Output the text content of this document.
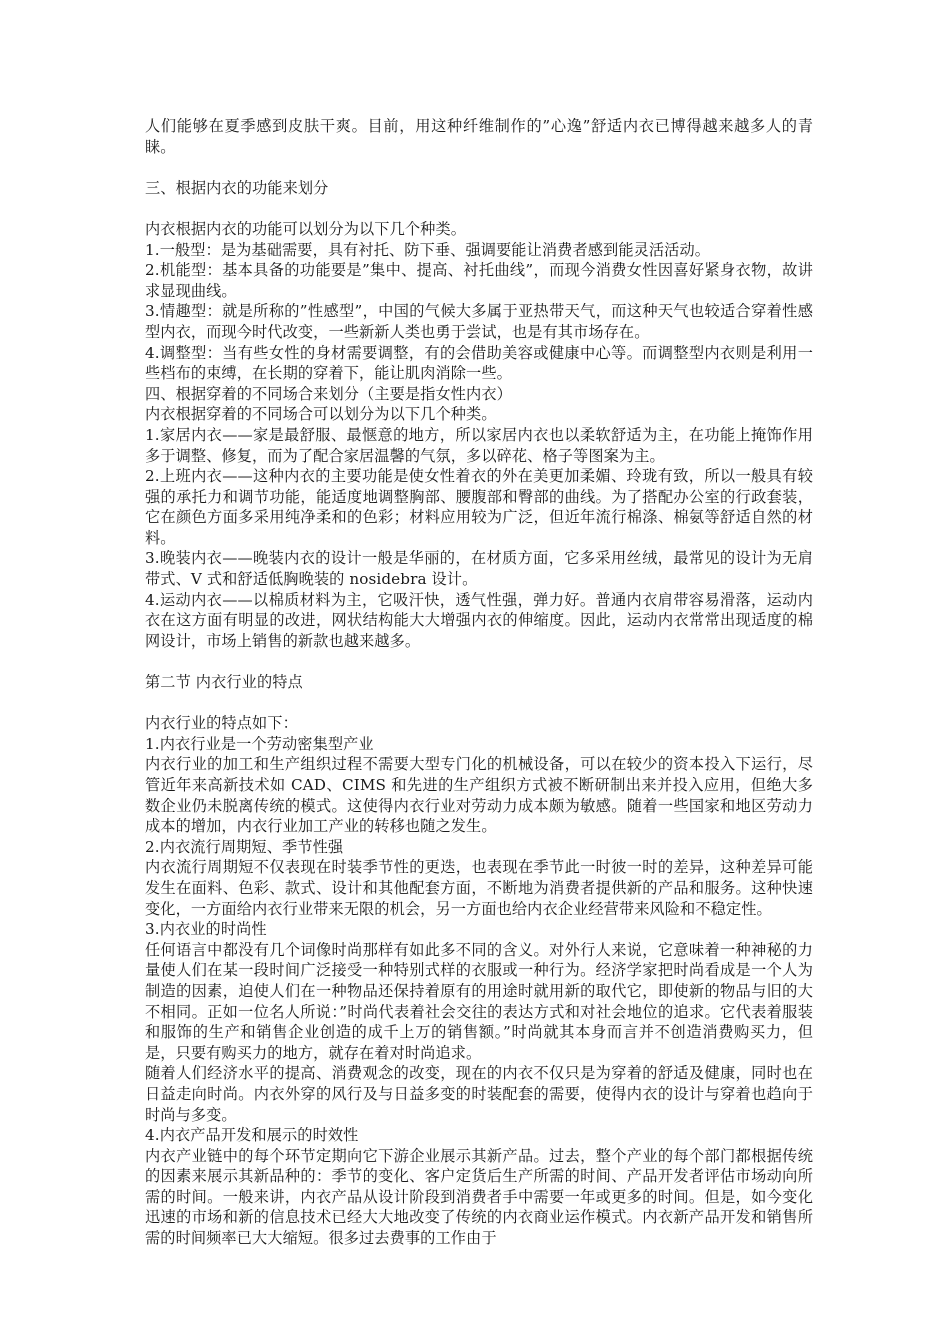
人们能够在夏季感到皮肤干爽。目前，用这种纤维制作的”心逸”舒适内衣已博得越来越多人的青睐。

三、根据内衣的功能来划分

内衣根据内衣的功能可以划分为以下几个种类。

1.一般型：是为基础需要，具有衬托、防下垂、强调要能让消费者感到能灵活活动。

2.机能型：基本具备的功能要是”集中、提高、衬托曲线”，而现今消费女性因喜好紧身衣物，故讲求显现曲线。

3.情趣型：就是所称的”性感型”，中国的气候大多属于亚热带天气，而这种天气也较适合穿着性感型内衣，而现今时代改变，一些新新人类也勇于尝试，也是有其市场存在。

4.调整型：当有些女性的身材需要调整，有的会借助美容或健康中心等。而调整型内衣则是利用一些档布的束缚，在长期的穿着下，能让肌肉消除一些。

四、根据穿着的不同场合来划分（主要是指女性内衣）

内衣根据穿着的不同场合可以划分为以下几个种类。

1.家居内衣——家是最舒服、最惬意的地方，所以家居内衣也以柔软舒适为主，在功能上掩饰作用多于调整、修复，而为了配合家居温馨的气氛，多以碎花、格子等图案为主。

2.上班内衣——这种内衣的主要功能是使女性着衣的外在美更加柔媚、玲珑有致，所以一般具有较强的承托力和调节功能，能适度地调整胸部、腰腹部和臀部的曲线。为了搭配办公室的行政套装，它在颜色方面多采用纯净柔和的色彩；材料应用较为广泛，但近年流行棉涤、棉氨等舒适自然的材料。

3.晚装内衣——晚装内衣的设计一般是华丽的，在材质方面，它多采用丝绒，最常见的设计为无肩带式、V 式和舒适低胸晚装的 nosidebra 设计。

4.运动内衣——以棉质材料为主，它吸汗快，透气性强，弹力好。普通内衣肩带容易滑落，运动内衣在这方面有明显的改进，网状结构能大大增强内衣的伸缩度。因此，运动内衣常常出现适度的棉网设计，市场上销售的新款也越来越多。

第二节 内衣行业的特点

内衣行业的特点如下：

1.内衣行业是一个劳动密集型产业

内衣行业的加工和生产组织过程不需要大型专门化的机械设备，可以在较少的资本投入下运行，尽管近年来高新技术如 CAD、CIMS 和先进的生产组织方式被不断研制出来并投入应用，但绝大多数企业仍未脱离传统的模式。这使得内衣行业对劳动力成本颇为敏感。随着一些国家和地区劳动力成本的增加，内衣行业加工产业的转移也随之发生。

2.内衣流行周期短、季节性强

内衣流行周期短不仅表现在时装季节性的更迭，也表现在季节此一时彼一时的差异，这种差异可能发生在面料、色彩、款式、设计和其他配套方面，不断地为消费者提供新的产品和服务。这种快速变化，一方面给内衣行业带来无限的机会，另一方面也给内衣企业经营带来风险和不稳定性。

3.内衣业的时尚性

任何语言中都没有几个词像时尚那样有如此多不同的含义。对外行人来说，它意味着一种神秘的力量使人们在某一段时间广泛接受一种特别式样的衣服或一种行为。经济学家把时尚看成是一个人为制造的因素，迫使人们在一种物品还保持着原有的用途时就用新的取代它，即使新的物品与旧的大不相同。正如一位名人所说：”时尚代表着社会交往的表达方式和对社会地位的追求。它代表着服装和服饰的生产和销售企业创造的成千上万的销售额。”时尚就其本身而言并不创造消费购买力，但是，只要有购买力的地方，就存在着对时尚追求。

随着人们经济水平的提高、消费观念的改变，现在的内衣不仅只是为穿着的舒适及健康，同时也在日益走向时尚。内衣外穿的风行及与日益多变的时装配套的需要，使得内衣的设计与穿着也趋向于时尚与多变。

4.内衣产品开发和展示的时效性

内衣产业链中的每个环节定期向它下游企业展示其新产品。过去，整个产业的每个部门都根据传统的因素来展示其新品种的：季节的变化、客户定货后生产所需的时间、产品开发者评估市场动向所需的时间。一般来讲，内衣产品从设计阶段到消费者手中需要一年或更多的时间。但是，如今变化迅速的市场和新的信息技术已经大大地改变了传统的内衣商业运作模式。内衣新产品开发和销售所需的时间频率已大大缩短。很多过去费事的工作由于
